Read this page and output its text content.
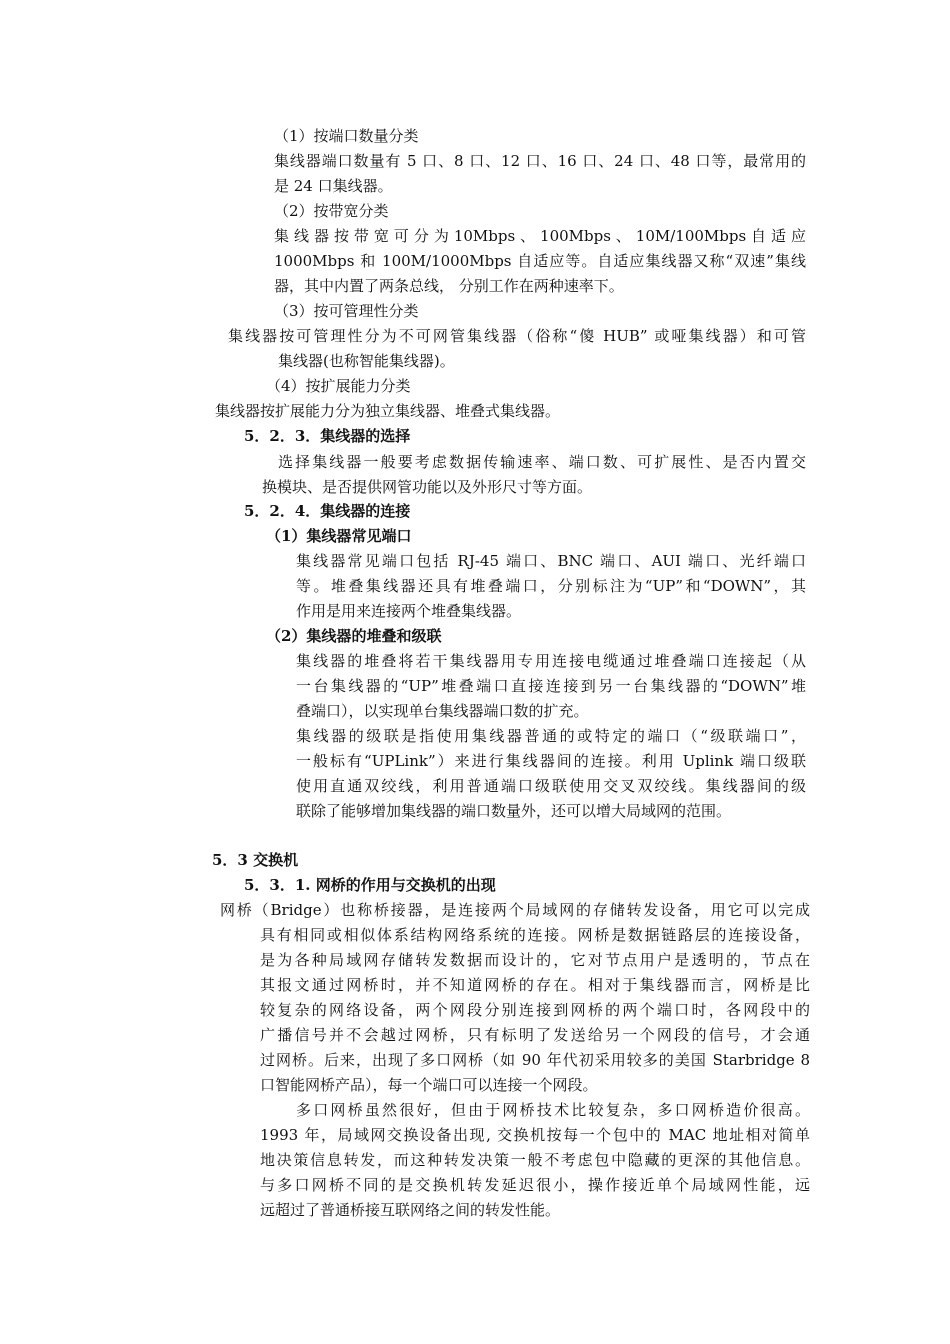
（1）按端口数量分类
集线器端口数量有 5 口、8 口、12 口、16 口、24 口、48 口等，最常用的
是 24 口集线器。
（2）按带宽分类
集 线 器 按 带 宽 可 分 为 10Mbps 、 100Mbps 、 10M/100Mbps 自 适 应
1000Mbps 和 100M/1000Mbps 自适应等。自适应集线器又称“双速”集线
器，其中内置了两条总线， 分别工作在两种速率下。
（3）按可管理性分类
集线器按可管理性分为不可网管集线器（俗称“傻 HUB” 或哑集线器）和可管
集线器(也称智能集线器)。
（4）按扩展能力分类
集线器按扩展能力分为独立集线器、堆叠式集线器。
5．2．3．集线器的选择
选择集线器一般要考虑数据传输速率、端口数、可扩展性、是否内置交
换模块、是否提供网管功能以及外形尺寸等方面。
5．2．4．集线器的连接
（1）集线器常见端口
集线器常见端口包括 RJ-45 端口、BNC 端口、AUI 端口、光纤端口
等。堆叠集线器还具有堆叠端口，分别标注为“UP”和“DOWN”，其
作用是用来连接两个堆叠集线器。
（2）集线器的堆叠和级联
集线器的堆叠将若干集线器用专用连接电缆通过堆叠端口连接起（从
一台集线器的“UP”堆叠端口直接连接到另一台集线器的“DOWN”堆
叠端口），以实现单台集线器端口数的扩充。
集线器的级联是指使用集线器普通的或特定的端口（“级联端口”，
一般标有“UPLink”）来进行集线器间的连接。利用 Uplink 端口级联
使用直通双绞线，利用普通端口级联使用交叉双绞线。集线器间的级
联除了能够增加集线器的端口数量外，还可以增大局域网的范围。
5．3 交换机
5．3．1. 网桥的作用与交换机的出现
网桥（Bridge）也称桥接器，是连接两个局域网的存储转发设备，用它可以完成
具有相同或相似体系结构网络系统的连接。网桥是数据链路层的连接设备，
是为各种局域网存储转发数据而设计的，它对节点用户是透明的，节点在
其报文通过网桥时，并不知道网桥的存在。相对于集线器而言，网桥是比
较复杂的网络设备，两个网段分别连接到网桥的两个端口时，各网段中的
广播信号并不会越过网桥，只有标明了发送给另一个网段的信号，才会通
过网桥。后来，出现了多口网桥（如 90 年代初采用较多的美国 Starbridge 8
口智能网桥产品），每一个端口可以连接一个网段。
多口网桥虽然很好，但由于网桥技术比较复杂，多口网桥造价很高。
1993 年，局域网交换设备出现, 交换机按每一个包中的 MAC 地址相对简单
地决策信息转发，而这种转发决策一般不考虑包中隐藏的更深的其他信息。
与多口网桥不同的是交换机转发延迟很小，操作接近单个局域网性能，远
远超过了普通桥接互联网络之间的转发性能。
